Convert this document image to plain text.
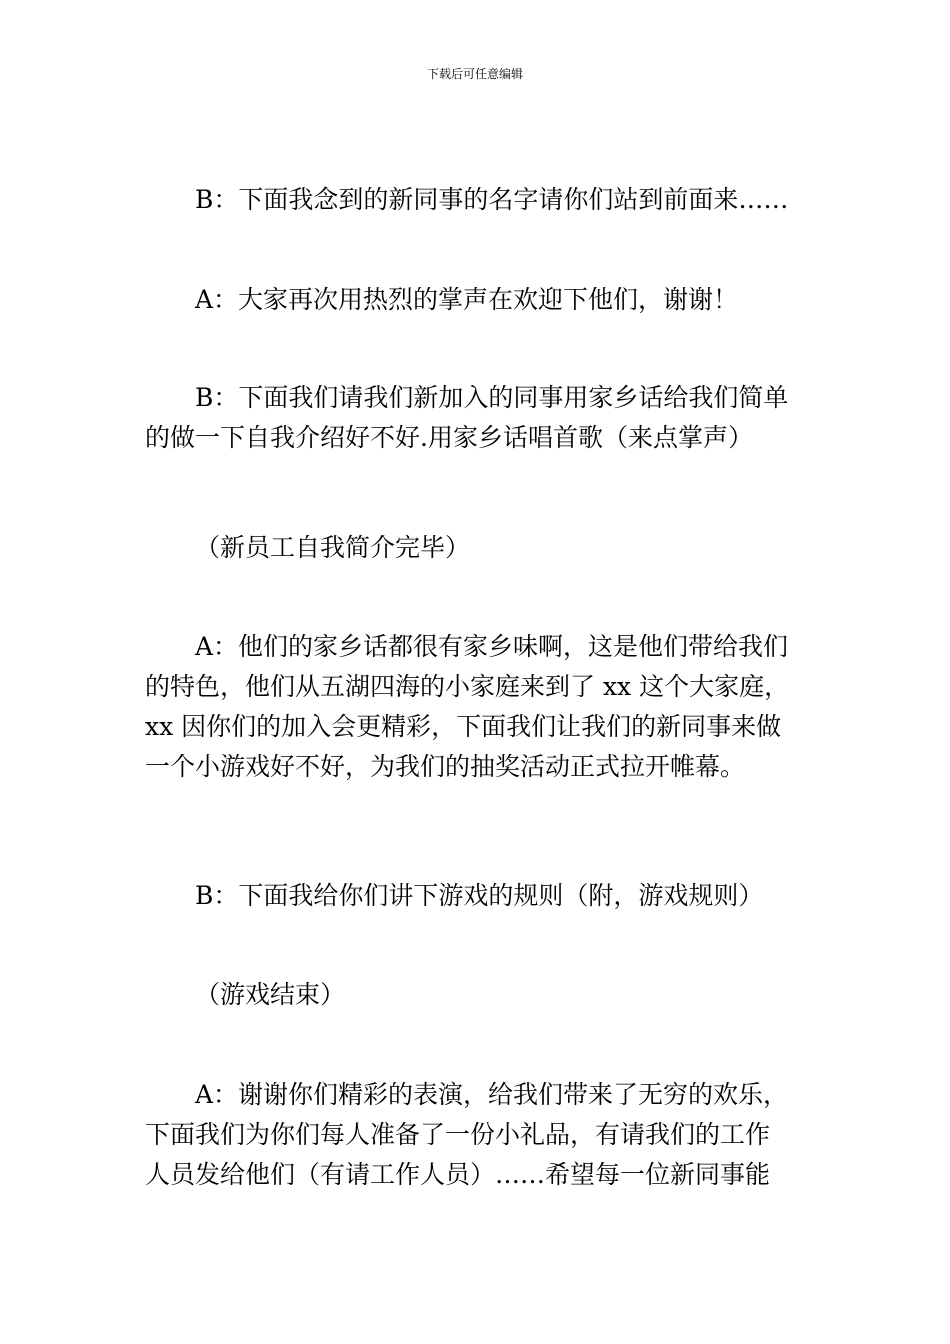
下载后可任意编辑
B：下面我念到的新同事的名字请你们站到前面来……
A：大家再次用热烈的掌声在欢迎下他们，谢谢！
B：下面我们请我们新加入的同事用家乡话给我们简单
的做一下自我介绍好不好.用家乡话唱首歌（来点掌声）
（新员工自我简介完毕）
A：他们的家乡话都很有家乡味啊，这是他们带给我们
的特色，他们从五湖四海的小家庭来到了 xx 这个大家庭，
xx 因你们的加入会更精彩，下面我们让我们的新同事来做
一个小游戏好不好，为我们的抽奖活动正式拉开帷幕。
B：下面我给你们讲下游戏的规则（附，游戏规则）
（游戏结束）
A：谢谢你们精彩的表演，给我们带来了无穷的欢乐，
下面我们为你们每人准备了一份小礼品，有请我们的工作
人员发给他们（有请工作人员）……希望每一位新同事能
